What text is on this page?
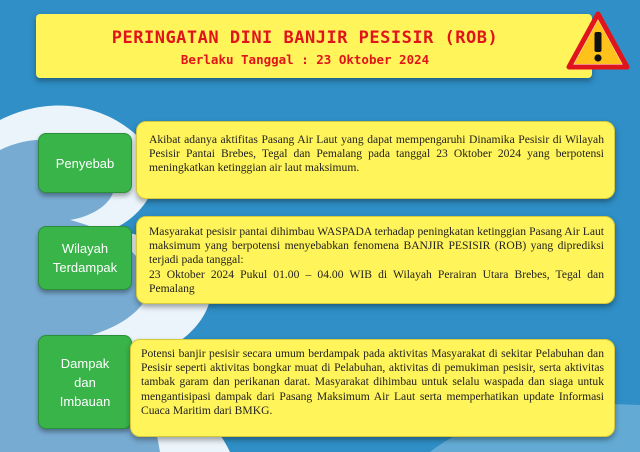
PERINGATAN DINI BANJIR PESISIR (ROB)
Berlaku Tanggal : 23 Oktober 2024
Penyebab

Akibat adanya aktifitas Pasang Air Laut yang dapat mempengaruhi Dinamika Pesisir di Wilayah Pesisir Pantai Brebes, Tegal dan Pemalang pada tanggal 23 Oktober 2024 yang berpotensi meningkatkan ketinggian air laut maksimum.

Wilayah Terdampak

Masyarakat pesisir pantai dihimbau WASPADA terhadap peningkatan ketinggian Pasang Air Laut maksimum yang berpotensi menyebabkan fenomena BANJIR PESISIR (ROB) yang diprediksi terjadi pada tanggal:

23 Oktober 2024 Pukul 01.00 – 04.00 WIB di Wilayah Perairan Utara Brebes, Tegal dan Pemalang

Dampak dan Imbauan

Potensi banjir pesisir secara umum berdampak pada aktivitas Masyarakat di sekitar Pelabuhan dan Pesisir seperti aktivitas bongkar muat di Pelabuhan, aktivitas di pemukiman pesisir, serta aktivitas tambak garam dan perikanan darat. Masyarakat dihimbau untuk selalu waspada dan siaga untuk mengantisipasi dampak dari Pasang Maksimum Air Laut serta memperhatikan update Informasi Cuaca Maritim dari BMKG.
